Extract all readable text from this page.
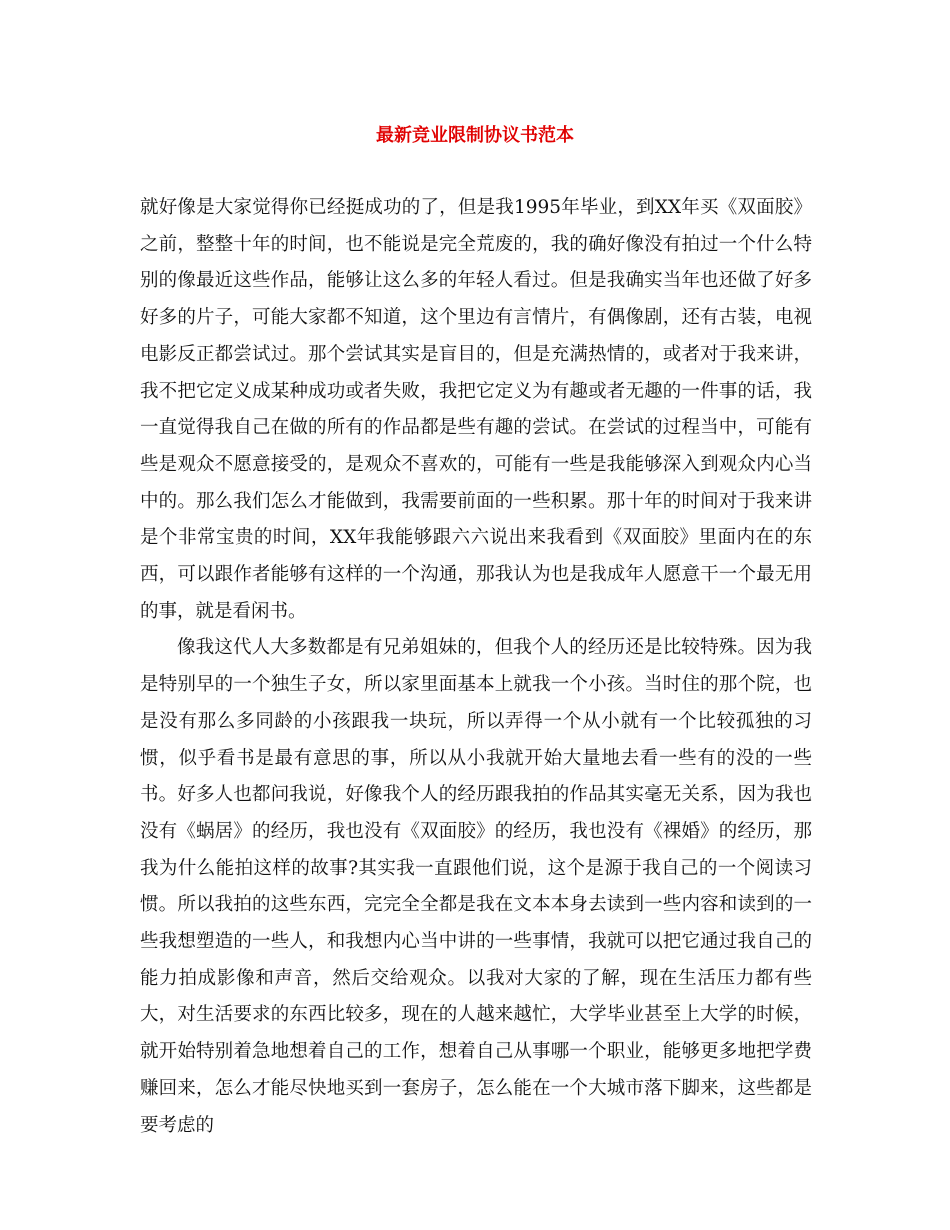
最新竞业限制协议书范本

就好像是大家觉得你已经挺成功的了，但是我1995年毕业，到XX年买《双面胶》之前，整整十年的时间，也不能说是完全荒废的，我的确好像没有拍过一个什么特别的像最近这些作品，能够让这么多的年轻人看过。但是我确实当年也还做了好多好多的片子，可能大家都不知道，这个里边有言情片，有偶像剧，还有古装，电视电影反正都尝试过。那个尝试其实是盲目的，但是充满热情的，或者对于我来讲，我不把它定义成某种成功或者失败，我把它定义为有趣或者无趣的一件事的话，我一直觉得我自己在做的所有的作品都是些有趣的尝试。在尝试的过程当中，可能有些是观众不愿意接受的，是观众不喜欢的，可能有一些是我能够深入到观众内心当中的。那么我们怎么才能做到，我需要前面的一些积累。那十年的时间对于我来讲是个非常宝贵的时间，XX年我能够跟六六说出来我看到《双面胶》里面内在的东西，可以跟作者能够有这样的一个沟通，那我认为也是我成年人愿意干一个最无用的事，就是看闲书。

像我这代人大多数都是有兄弟姐妹的，但我个人的经历还是比较特殊。因为我是特别早的一个独生子女，所以家里面基本上就我一个小孩。当时住的那个院，也是没有那么多同龄的小孩跟我一块玩，所以弄得一个从小就有一个比较孤独的习惯，似乎看书是最有意思的事，所以从小我就开始大量地去看一些有的没的一些书。好多人也都问我说，好像我个人的经历跟我拍的作品其实毫无关系，因为我也没有《蜗居》的经历，我也没有《双面胶》的经历，我也没有《裸婚》的经历，那我为什么能拍这样的故事?其实我一直跟他们说，这个是源于我自己的一个阅读习惯。所以我拍的这些东西，完完全全都是我在文本本身去读到一些内容和读到的一些我想塑造的一些人，和我想内心当中讲的一些事情，我就可以把它通过我自己的能力拍成影像和声音，然后交给观众。以我对大家的了解，现在生活压力都有些大，对生活要求的东西比较多，现在的人越来越忙，大学毕业甚至上大学的时候，就开始特别着急地想着自己的工作，想着自己从事哪一个职业，能够更多地把学费赚回来，怎么才能尽快地买到一套房子，怎么能在一个大城市落下脚来，这些都是要考虑的
